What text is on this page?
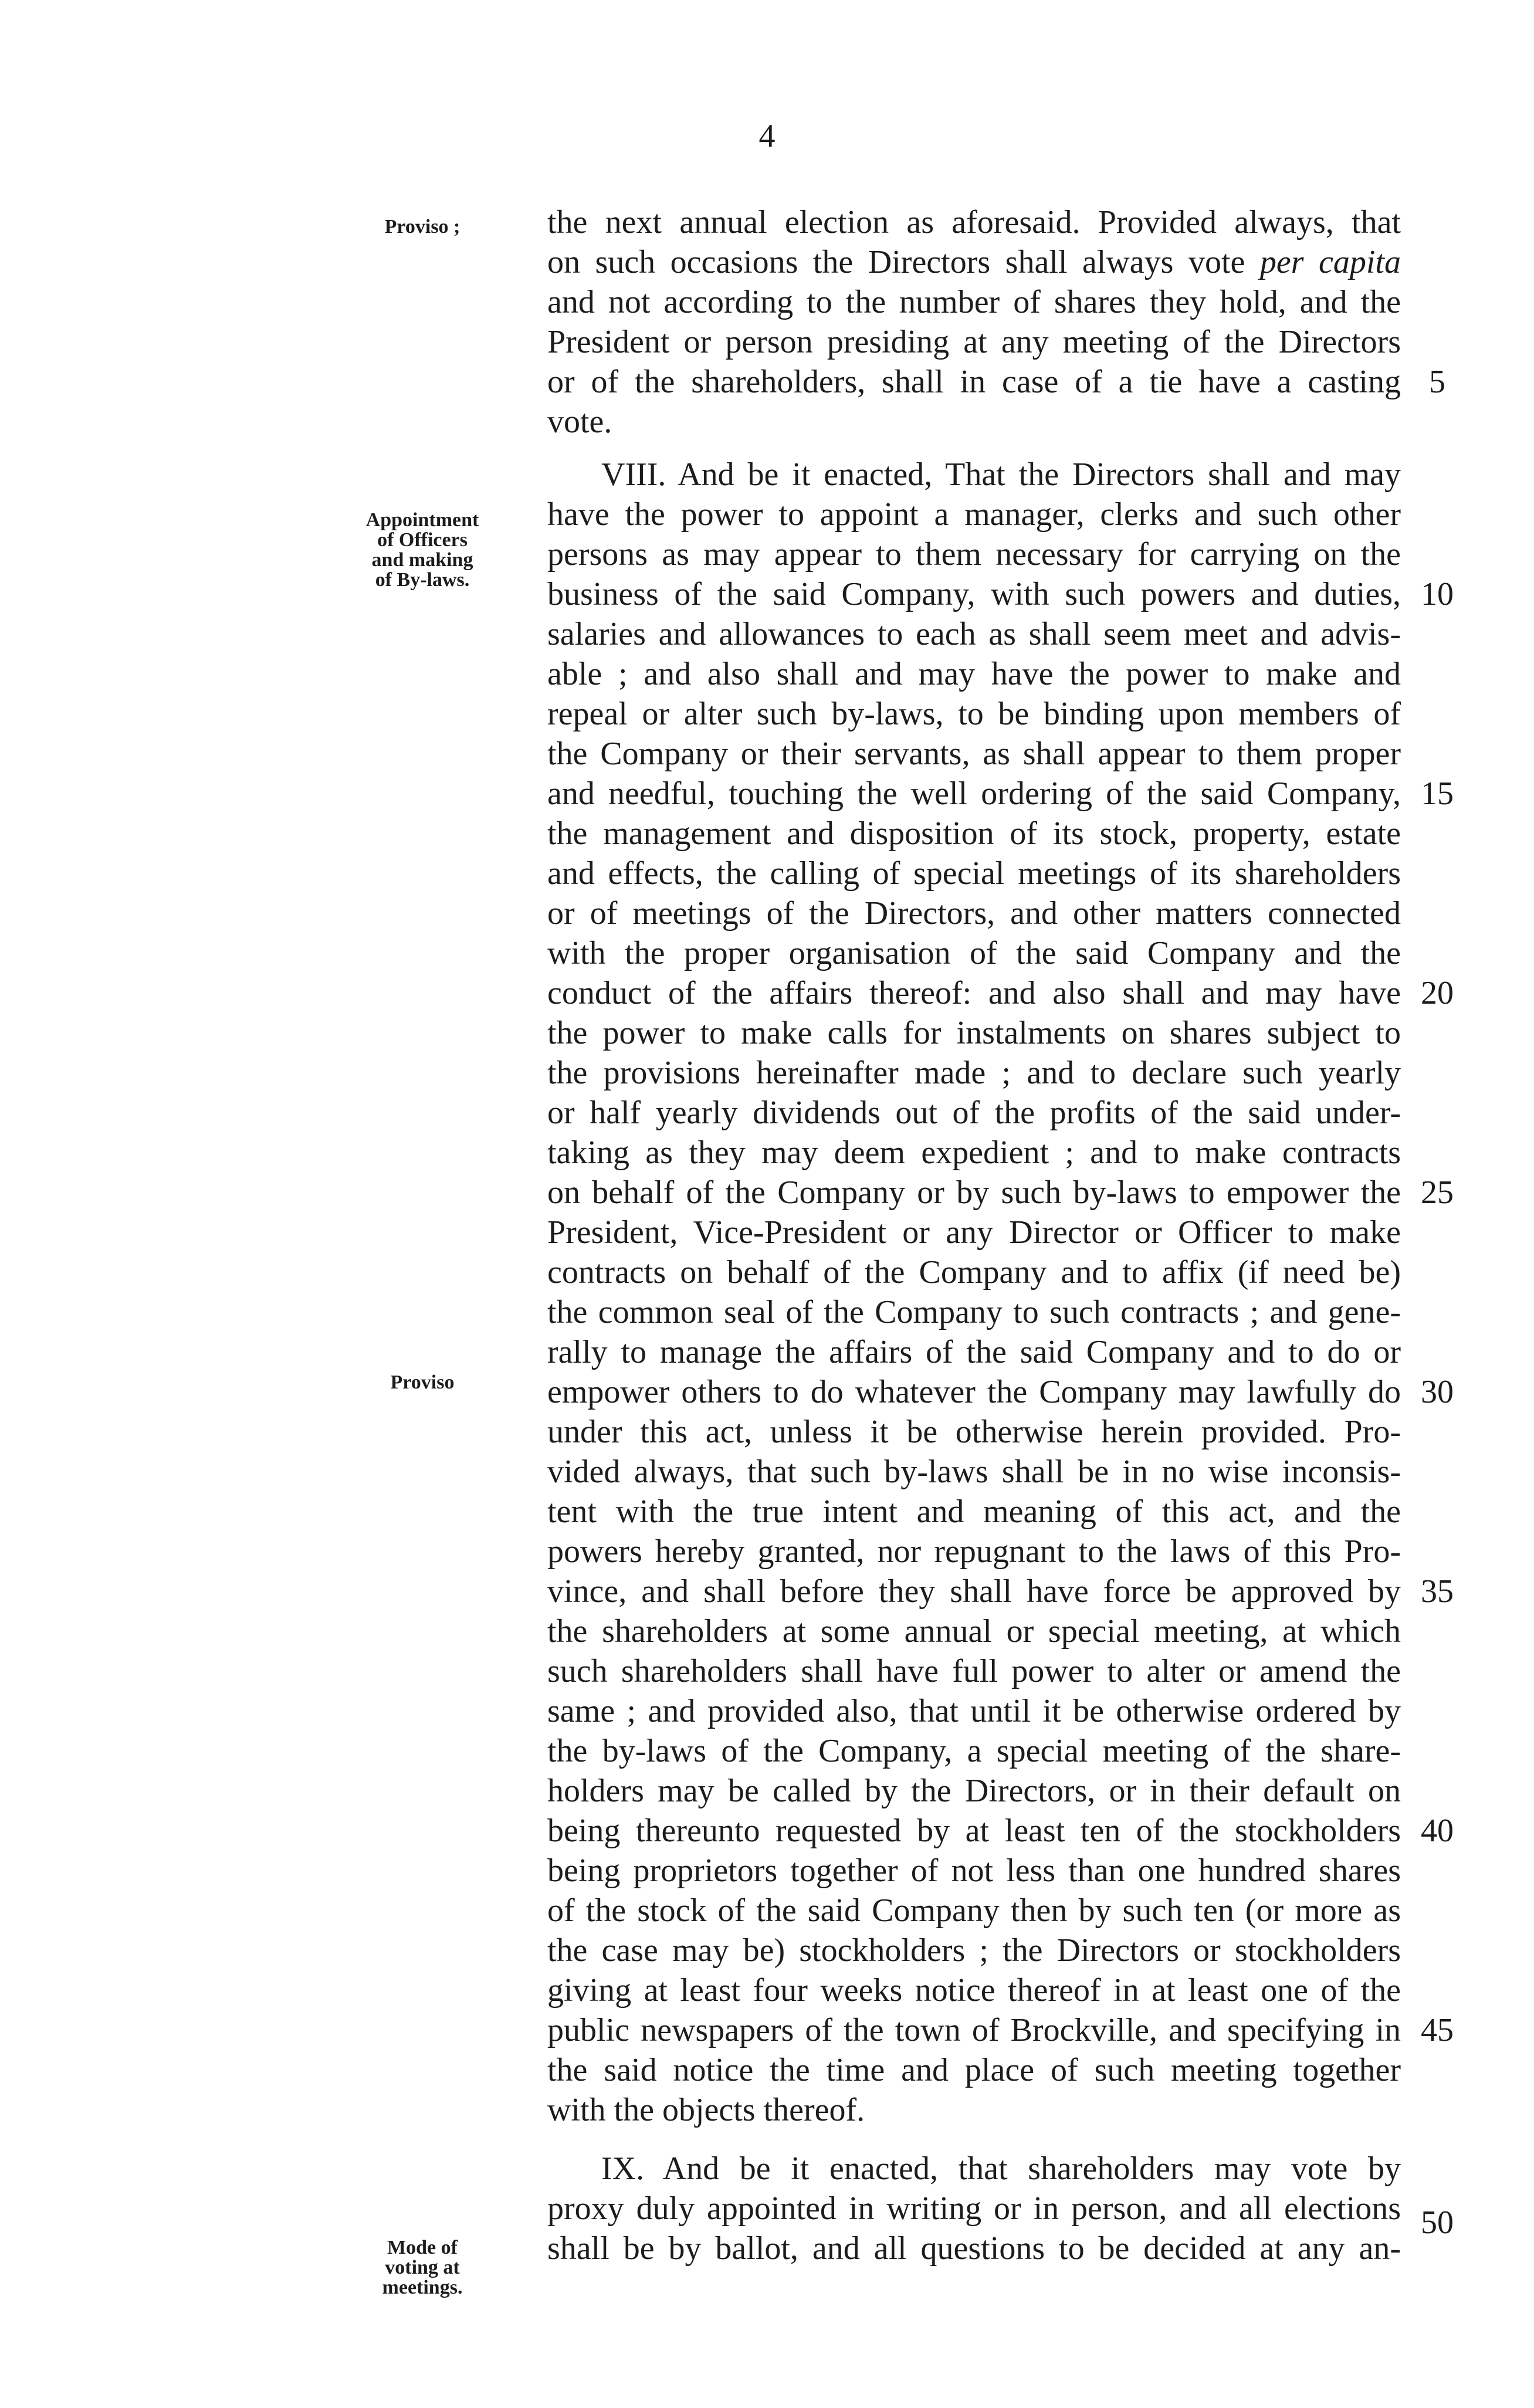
4
Proviso ;
Appointment
of Officers
and making
of By-laws.
Proviso
Mode of
voting at
meetings.
the next annual election as aforesaid. Provided always, that
on such occasions the Directors shall always vote per capita
and not according to the number of shares they hold, and the
President or person presiding at any meeting of the Directors
or of the shareholders, shall in case of a tie have a casting
vote.
VIII. And be it enacted, That the Directors shall and may
have the power to appoint a manager, clerks and such other
persons as may appear to them necessary for carrying on the
business of the said Company, with such powers and duties,
salaries and allowances to each as shall seem meet and advis-
able ; and also shall and may have the power to make and
repeal or alter such by-laws, to be binding upon members of
the Company or their servants, as shall appear to them proper
and needful, touching the well ordering of the said Company,
the management and disposition of its stock, property, estate
and effects, the calling of special meetings of its shareholders
or of meetings of the Directors, and other matters connected
with the proper organisation of the said Company and the
conduct of the affairs thereof: and also shall and may have
the power to make calls for instalments on shares subject to
the provisions hereinafter made ; and to declare such yearly
or half yearly dividends out of the profits of the said under-
taking as they may deem expedient ; and to make contracts
on behalf of the Company or by such by-laws to empower the
President, Vice-President or any Director or Officer to make
contracts on behalf of the Company and to affix (if need be)
the common seal of the Company to such contracts ; and gene-
rally to manage the affairs of the said Company and to do or
empower others to do whatever the Company may lawfully do
under this act, unless it be otherwise herein provided. Pro-
vided always, that such by-laws shall be in no wise inconsis-
tent with the true intent and meaning of this act, and the
powers hereby granted, nor repugnant to the laws of this Pro-
vince, and shall before they shall have force be approved by
the shareholders at some annual or special meeting, at which
such shareholders shall have full power to alter or amend the
same ; and provided also, that until it be otherwise ordered by
the by-laws of the Company, a special meeting of the share-
holders may be called by the Directors, or in their default on
being thereunto requested by at least ten of the stockholders
being proprietors together of not less than one hundred shares
of the stock of the said Company then by such ten (or more as
the case may be) stockholders ; the Directors or stockholders
giving at least four weeks notice thereof in at least one of the
public newspapers of the town of Brockville, and specifying in
the said notice the time and place of such meeting together
with the objects thereof.
IX. And be it enacted, that shareholders may vote by
proxy duly appointed in writing or in person, and all elections
shall be by ballot, and all questions to be decided at any an-
5
10
15
20
25
30
35
40
45
50
